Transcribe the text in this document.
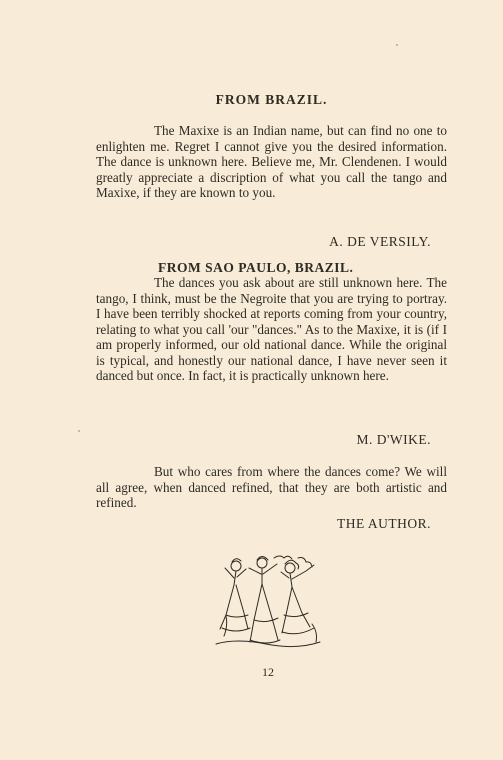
FROM BRAZIL.

The Maxixe is an Indian name, but can find no one to enlighten me. Regret I cannot give you the desired information. The dance is unknown here. Believe me, Mr. Clendenen. I would greatly appreciate a discription of what you call the tango and Maxixe, if they are known to you.

A. DE VERSILY.

FROM SAO PAULO, BRAZIL.

The dances you ask about are still unknown here. The tango, I think, must be the Negroite that you are trying to portray. I have been terribly shocked at reports coming from your country, relating to what you call 'our "dances." As to the Maxixe, it is (if I am properly informed, our old national dance. While the original is typical, and honestly our national dance, I have never seen it danced but once. In fact, it is practically unknown here.

M. D'WIKE.

But who cares from where the dances come? We will all agree, when danced refined, that they are both artistic and refined.

THE AUTHOR.

12
